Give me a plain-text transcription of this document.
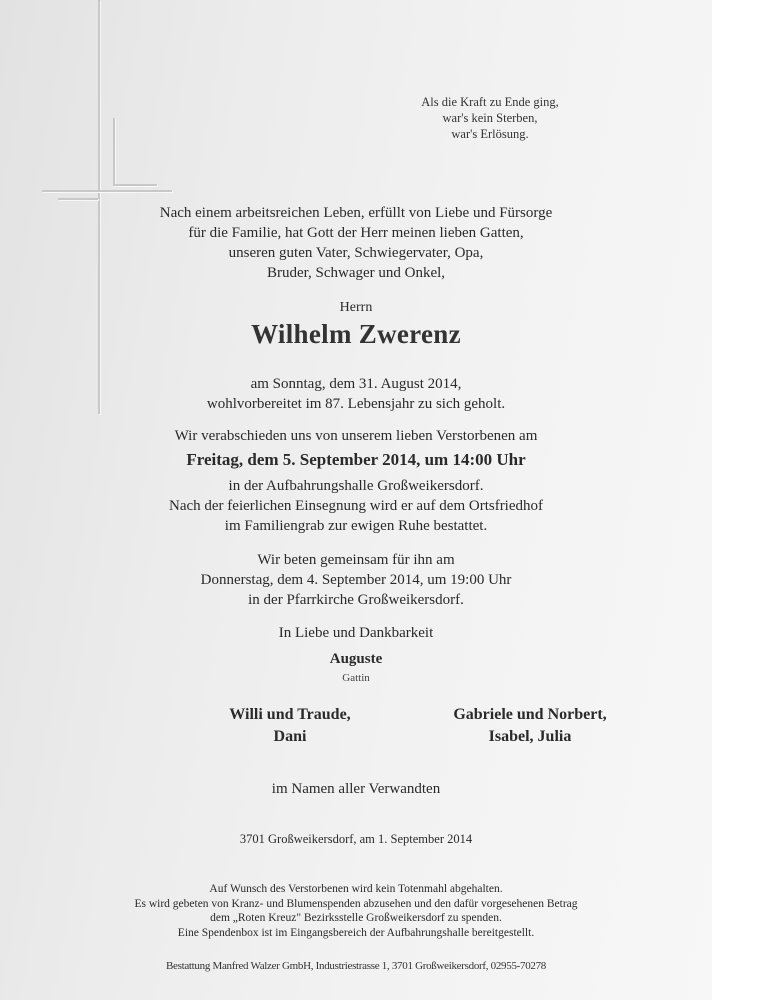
Als die Kraft zu Ende ging,
war's kein Sterben,
war's Erlösung.
Nach einem arbeitsreichen Leben, erfüllt von Liebe und Fürsorge
für die Familie, hat Gott der Herr meinen lieben Gatten,
unseren guten Vater, Schwiegervater, Opa,
Bruder, Schwager und Onkel,
Herrn
Wilhelm Zwerenz
am Sonntag, dem 31. August 2014,
wohlvorbereitet im 87. Lebensjahr zu sich geholt.
Wir verabschieden uns von unserem lieben Verstorbenen am
Freitag, dem 5. September 2014, um 14:00 Uhr
in der Aufbahrungshalle Großweikersdorf.
Nach der feierlichen Einsegnung wird er auf dem Ortsfriedhof
im Familiengrab zur ewigen Ruhe bestattet.
Wir beten gemeinsam für ihn am
Donnerstag, dem 4. September 2014, um 19:00 Uhr
in der Pfarrkirche Großweikersdorf.
In Liebe und Dankbarkeit
Auguste
Gattin
Willi und Traude,
Dani
Gabriele und Norbert,
Isabel, Julia
im Namen aller Verwandten
3701 Großweikersdorf, am 1. September 2014
Auf Wunsch des Verstorbenen wird kein Totenmahl abgehalten.
Es wird gebeten von Kranz- und Blumenspenden abzusehen und den dafür vorgesehenen Betrag
dem „Roten Kreuz" Bezirksstelle Großweikersdorf zu spenden.
Eine Spendenbox ist im Eingangsbereich der Aufbahrungshalle bereitgestellt.
Bestattung Manfred Walzer GmbH, Industriestrasse 1, 3701 Großweikersdorf, 02955-70278
